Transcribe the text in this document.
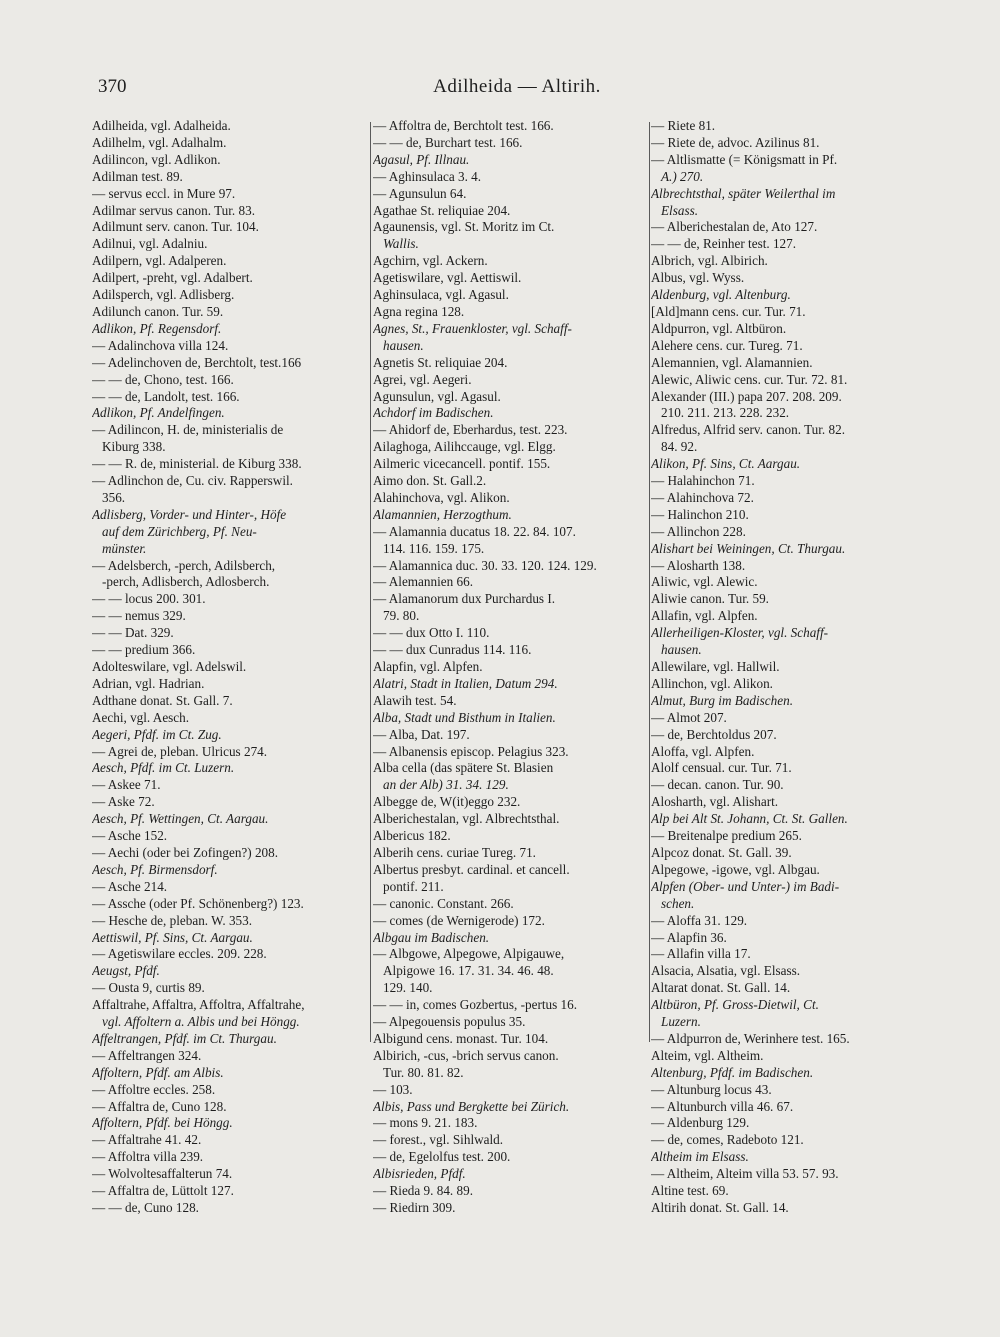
370	Adilheida — Altirih.
Adilheida, vgl. Adalheida.
Adilhelm, vgl. Adalhalm.
Adilincon, vgl. Adlikon.
Adilman test. 89.
— servus eccl. in Mure 97.
Adilmar servus canon. Tur. 83.
Adilmunt serv. canon. Tur. 104.
Adilnui, vgl. Adalniu.
Adilpern, vgl. Adalperen.
Adilpert, -preht, vgl. Adalbert.
Adilsperch, vgl. Adlisberg.
Adilunch canon. Tur. 59.
Adlikon, Pf. Regensdorf.
— Adalinchova villa 124.
— Adelinchoven de, Berchtolt, test.166
— — de, Chono, test. 166.
— — de, Landolt, test. 166.
Adlikon, Pf. Andelfingen.
— Adilincon, H. de, ministerialis de
Kiburg 338.
— — R. de, ministerial. de Kiburg 338.
— Adlinchon de, Cu. civ. Rapperswil.
356.
Adlisberg, Vorder- und Hinter-, Höfe
auf dem Zürichberg, Pf. Neu-
münster.
— Adelsberch, -perch, Adilsberch,
-perch, Adlisberch, Adlosberch.
— — locus 200. 301.
— — nemus 329.
— — Dat. 329.
— — predium 366.
Adolteswilare, vgl. Adelswil.
Adrian, vgl. Hadrian.
Adthane donat. St. Gall. 7.
Aechi, vgl. Aesch.
Aegeri, Pfdf. im Ct. Zug.
— Agrei de, pleban. Ulricus 274.
Aesch, Pfdf. im Ct. Luzern.
— Askee 71.
— Aske 72.
Aesch, Pf. Wettingen, Ct. Aargau.
— Asche 152.
— Aechi (oder bei Zofingen?) 208.
Aesch, Pf. Birmensdorf.
— Asche 214.
— Assche (oder Pf. Schönenberg?) 123.
— Hesche de, pleban. W. 353.
Aettiswil, Pf. Sins, Ct. Aargau.
— Agetiswilare eccles. 209. 228.
Aeugst, Pfdf.
— Ousta 9, curtis 89.
Affaltrahe, Affaltra, Affoltra, Affaltrahe,
vgl. Affoltern a. Albis und bei Höngg.
Affeltrangen, Pfdf. im Ct. Thurgau.
— Affeltrangen 324.
Affoltern, Pfdf. am Albis.
— Affoltre eccles. 258.
— Affaltra de, Cuno 128.
Affoltern, Pfdf. bei Höngg.
— Affaltrahe 41. 42.
— Affoltra villa 239.
— Wolvoltesaffalterun 74.
— Affaltra de, Lüttolt 127.
— — de, Cuno 128.
— Affoltra de, Berchtolt test. 166.
— — de, Burchart test. 166.
Agasul, Pf. Illnau.
— Aghinsulaca 3. 4.
— Agunsulun 64.
Agathae St. reliquiae 204.
Agaunensis, vgl. St. Moritz im Ct.
Wallis.
Agchirn, vgl. Ackern.
Agetiswilare, vgl. Aettiswil.
Aghinsulaca, vgl. Agasul.
Agna regina 128.
Agnes, St., Frauenkloster, vgl. Schaff-
hausen.
Agnetis St. reliquiae 204.
Agrei, vgl. Aegeri.
Agunsulun, vgl. Agasul.
Achdorf im Badischen.
— Ahidorf de, Eberhardus, test. 223.
Ailaghoga, Ailihccauge, vgl. Elgg.
Ailmeric vicecancell. pontif. 155.
Aimo don. St. Gall.2.
Alahinchova, vgl. Alikon.
Alamannien, Herzogthum.
— Alamannia ducatus 18. 22. 84. 107.
114. 116. 159. 175.
— Alamannica duc. 30. 33. 120. 124. 129.
— Alemannien 66.
— Alamanorum dux Purchardus I.
79. 80.
— — dux Otto I. 110.
— — dux Cunradus 114. 116.
Alapfin, vgl. Alpfen.
Alatri, Stadt in Italien, Datum 294.
Alawih test. 54.
Alba, Stadt und Bisthum in Italien.
— Alba, Dat. 197.
— Albanensis episcop. Pelagius 323.
Alba cella (das spätere St. Blasien
an der Alb) 31. 34. 129.
Albegge de, W(it)eggo 232.
Alberichestalan, vgl. Albrechtsthal.
Albericus 182.
Alberih cens. curiae Tureg. 71.
Albertus presbyt. cardinal. et cancell.
pontif. 211.
— canonic. Constant. 266.
— comes (de Wernigerode) 172.
Albgau im Badischen.
— Albgowe, Alpegowe, Alpigauwe,
Alpigowe 16. 17. 31. 34. 46. 48.
129. 140.
— — in, comes Gozbertus, -pertus 16.
— Alpegouensis populus 35.
Albigund cens. monast. Tur. 104.
Albirich, -cus, -brich servus canon.
Tur. 80. 81. 82.
— 103.
Albis, Pass und Bergkette bei Zürich.
— mons 9. 21. 183.
— forest., vgl. Sihlwald.
— de, Egelolfus test. 200.
Albisrieden, Pfdf.
— Rieda 9. 84. 89.
— Riedirn 309.
— Riete 81.
— Riete de, advoc. Azilinus 81.
— Altlismatte (= Königsmatt in Pf.
A.) 270.
Albrechtsthal, später Weilerthal im
Elsass.
— Alberichestalan de, Ato 127.
— — de, Reinher test. 127.
Albrich, vgl. Albirich.
Albus, vgl. Wyss.
Aldenburg, vgl. Altenburg.
[Ald]mann cens. cur. Tur. 71.
Aldpurron, vgl. Altbüron.
Alehere cens. cur. Tureg. 71.
Alemannien, vgl. Alamannien.
Alewic, Aliwic cens. cur. Tur. 72. 81.
Alexander (III.) papa 207. 208. 209.
210. 211. 213. 228. 232.
Alfredus, Alfrid serv. canon. Tur. 82.
84. 92.
Alikon, Pf. Sins, Ct. Aargau.
— Halahinchon 71.
— Alahinchova 72.
— Halinchon 210.
— Allinchon 228.
Alishart bei Weiningen, Ct. Thurgau.
— Alosharth 138.
Aliwic, vgl. Alewic.
Aliwie canon. Tur. 59.
Allafin, vgl. Alpfen.
Allerheiligen-Kloster, vgl. Schaff-
hausen.
Allewilare, vgl. Hallwil.
Allinchon, vgl. Alikon.
Almut, Burg im Badischen.
— Almot 207.
— de, Berchtoldus 207.
Aloffa, vgl. Alpfen.
Alolf censual. cur. Tur. 71.
— decan. canon. Tur. 90.
Alosharth, vgl. Alishart.
Alp bei Alt St. Johann, Ct. St. Gallen.
— Breitenalpe predium 265.
Alpcoz donat. St. Gall. 39.
Alpegowe, -igowe, vgl. Albgau.
Alpfen (Ober- und Unter-) im Badi-
schen.
— Aloffa 31. 129.
— Alapfin 36.
— Allafin villa 17.
Alsacia, Alsatia, vgl. Elsass.
Altarat donat. St. Gall. 14.
Altbüron, Pf. Gross-Dietwil, Ct.
Luzern.
— Aldpurron de, Werinhere test. 165.
Alteim, vgl. Altheim.
Altenburg, Pfdf. im Badischen.
— Altunburg locus 43.
— Altunburch villa 46. 67.
— Aldenburg 129.
— de, comes, Radeboto 121.
Altheim im Elsass.
— Altheim, Alteim villa 53. 57. 93.
Altine test. 69.
Altirih donat. St. Gall. 14.
